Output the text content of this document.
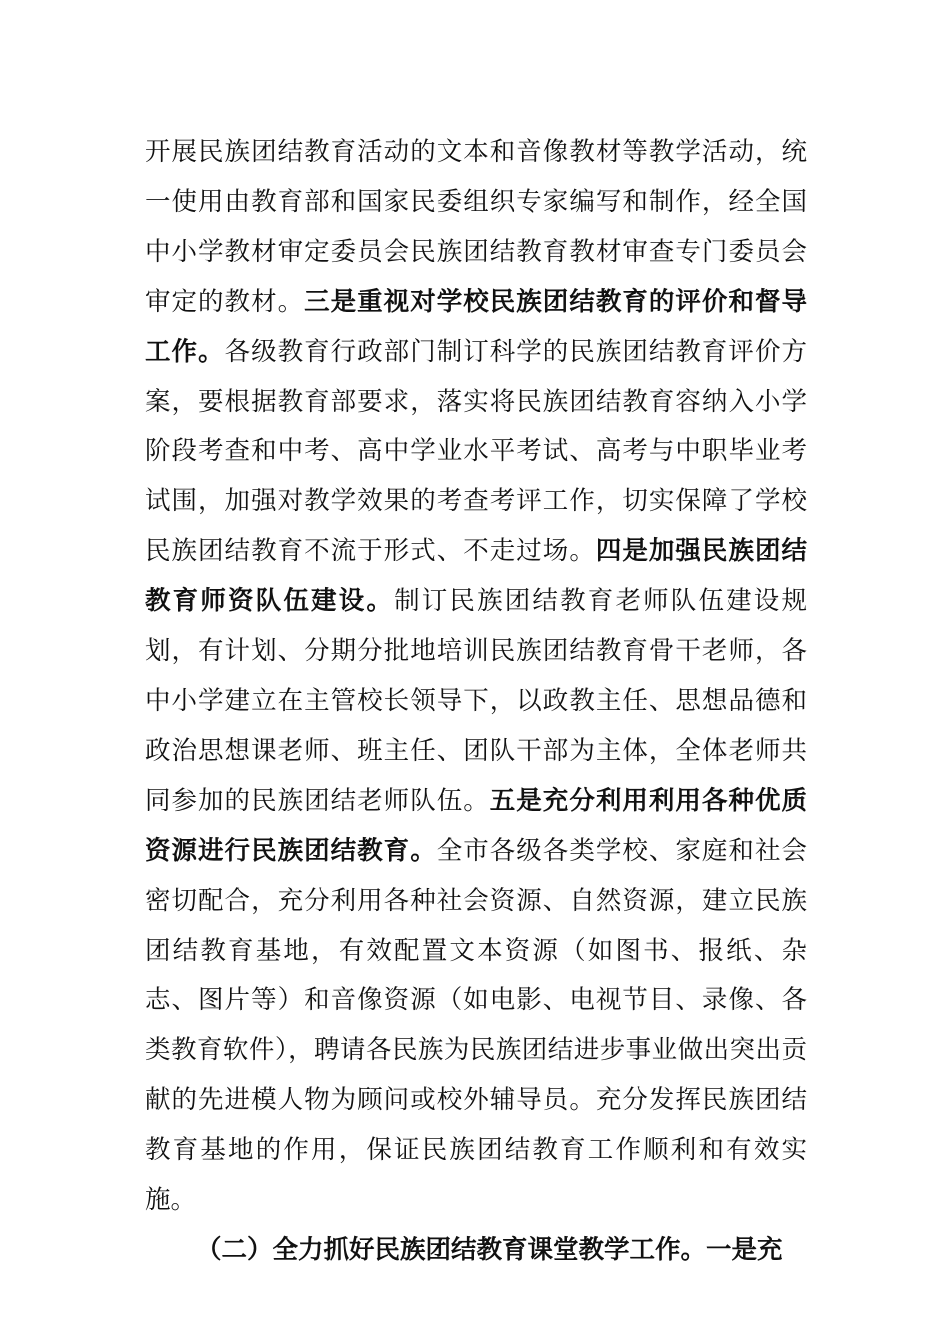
开展民族团结教育活动的文本和音像教材等教学活动，统一使用由教育部和国家民委组织专家编写和制作，经全国中小学教材审定委员会民族团结教育教材审查专门委员会审定的教材。三是重视对学校民族团结教育的评价和督导工作。各级教育行政部门制订科学的民族团结教育评价方案，要根据教育部要求，落实将民族团结教育容纳入小学阶段考查和中考、高中学业水平考试、高考与中职毕业考试围，加强对教学效果的考查考评工作，切实保障了学校民族团结教育不流于形式、不走过场。四是加强民族团结教育师资队伍建设。制订民族团结教育老师队伍建设规划，有计划、分期分批地培训民族团结教育骨干老师，各中小学建立在主管校长领导下，以政教主任、思想品德和政治思想课老师、班主任、团队干部为主体，全体老师共同参加的民族团结老师队伍。五是充分利用利用各种优质资源进行民族团结教育。全市各级各类学校、家庭和社会密切配合，充分利用各种社会资源、自然资源，建立民族团结教育基地，有效配置文本资源（如图书、报纸、杂志、图片等）和音像资源（如电影、电视节目、录像、各类教育软件），聘请各民族为民族团结进步事业做出突出贡献的先进模人物为顾问或校外辅导员。充分发挥民族团结教育基地的作用，保证民族团结教育工作顺利和有效实施。

（二）全力抓好民族团结教育课堂教学工作。一是充
